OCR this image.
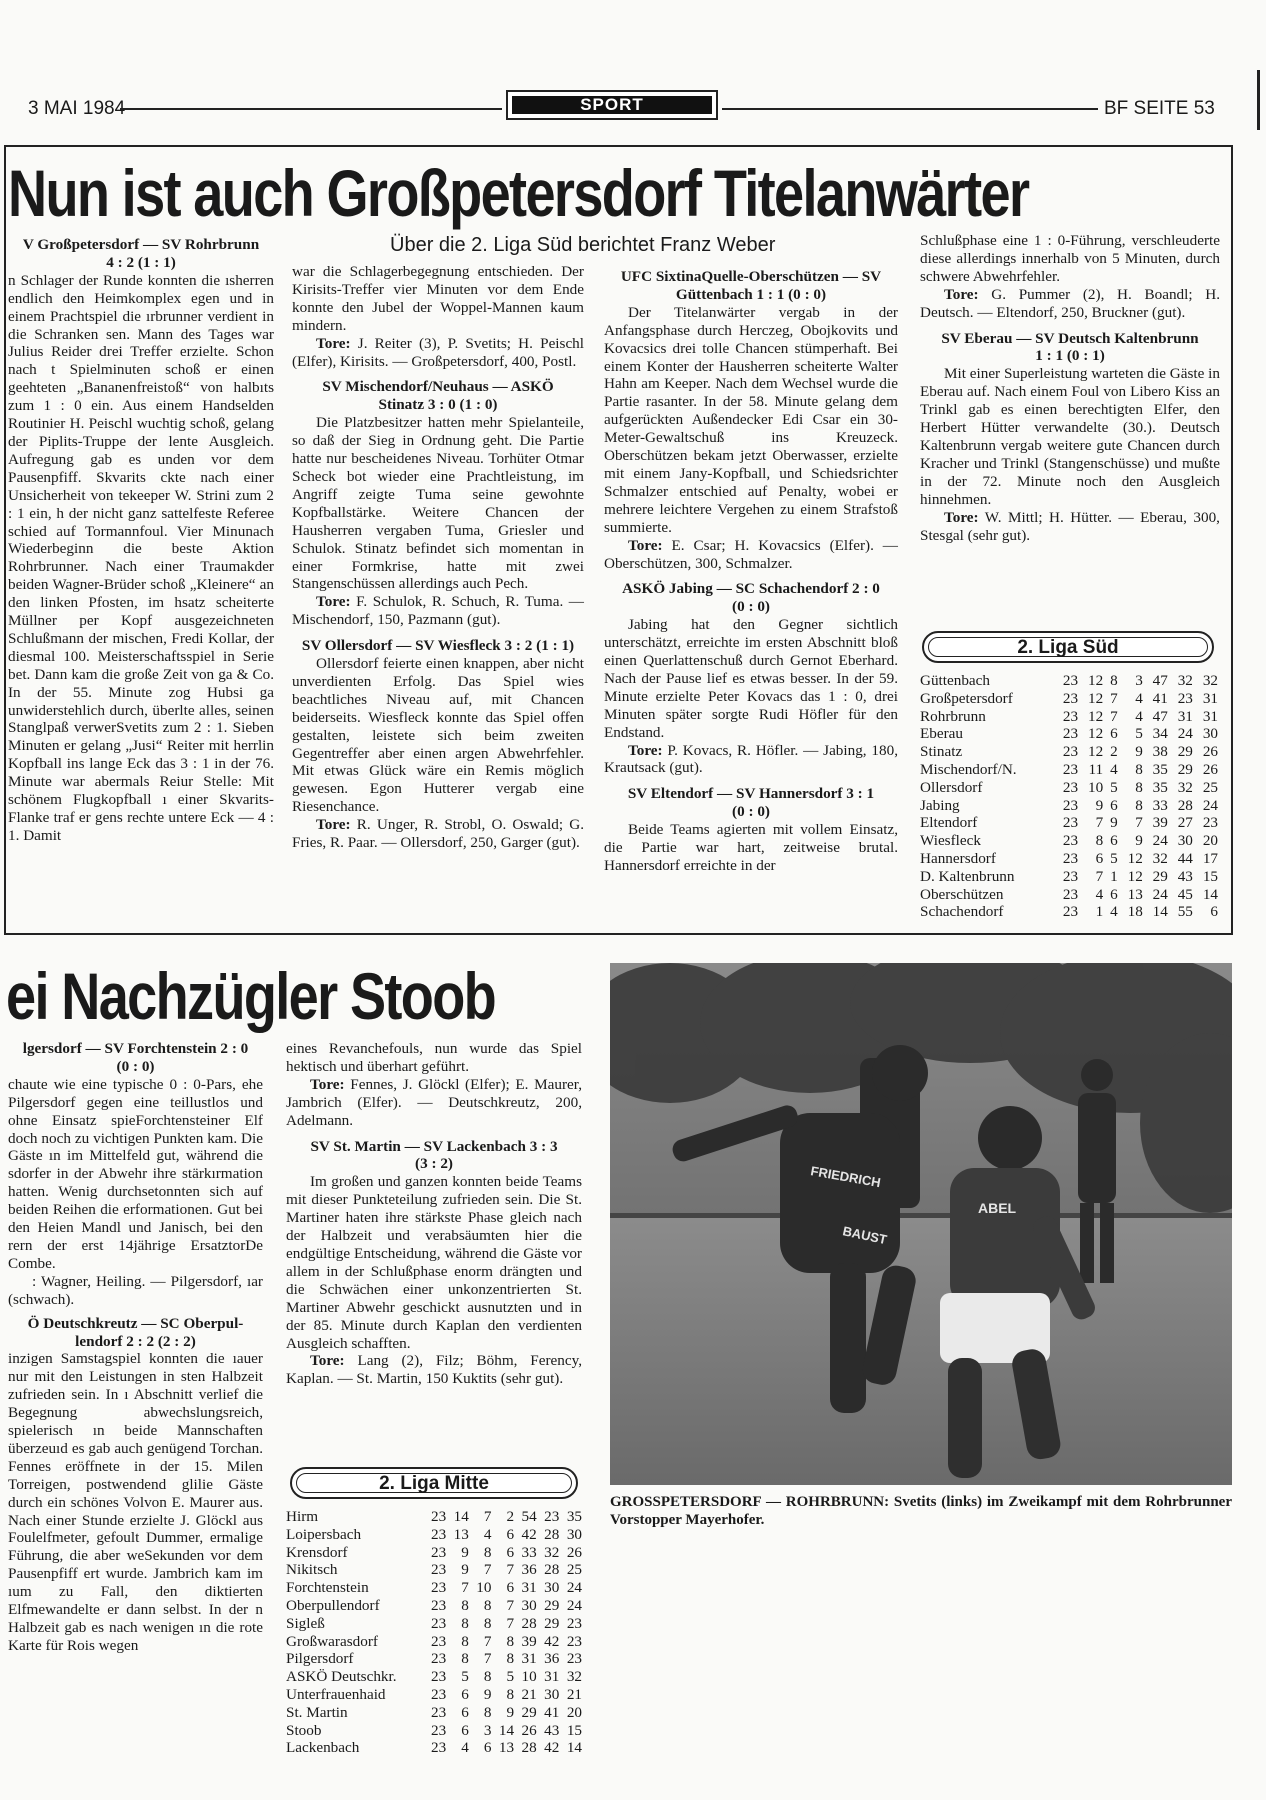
3 MAI 1984	SPORT	BF SEITE 53
Nun ist auch Großpetersdorf Titelanwärter
Über die 2. Liga Süd berichtet Franz Weber

V Großpetersdorf — SV Rohrbrunn

4 : 2 (1 : 1)

n Schlager der Runde konnten die ısherren endlich den Heimkomplex egen und in einem Prachtspiel die ırbrunner verdient in die Schranken sen. Mann des Tages war Julius Reider drei Treffer erzielte. Schon nach t Spielminuten schoß er einen geehteten „Bananenfreistoß“ von halbıts zum 1 : 0 ein. Aus einem Handselden Routinier H. Peischl wuchtig schoß, gelang der Piplits-Truppe der lente Ausgleich. Aufregung gab es unden vor dem Pausenpfiff. Skvarits ckte nach einer Unsicherheit von tekeeper W. Strini zum 2 : 1 ein, h der nicht ganz sattelfeste Referee schied auf Tormannfoul. Vier Minunach Wiederbeginn die beste Aktion Rohrbrunner. Nach einer Traumakder beiden Wagner-Brüder schoß „Kleinere“ an den linken Pfosten, im hsatz scheiterte Müllner per Kopf ausgezeichneten Schlußmann der mischen, Fredi Kollar, der diesmal 100. Meisterschaftsspiel in Serie bet. Dann kam die große Zeit von ga & Co. In der 55. Minute zog Hubsi ga unwiderstehlich durch, überlte alles, seinen Stanglpaß verwerSvetits zum 2 : 1. Sieben Minuten er gelang „Jusi“ Reiter mit herrlin Kopfball ins lange Eck das 3 : 1 in der 76. Minute war abermals Reiur Stelle: Mit schönem Flugkopfball ı einer Skvarits-Flanke traf er gens rechte untere Eck — 4 : 1. Damit

war die Schlagerbegegnung entschieden. Der Kirisits-Treffer vier Minuten vor dem Ende konnte den Jubel der Woppel-Mannen kaum mindern.

Tore: J. Reiter (3), P. Svetits; H. Peischl (Elfer), Kirisits. — Großpetersdorf, 400, Postl.

SV Mischendorf/Neuhaus — ASKÖ

Stinatz 3 : 0 (1 : 0)

Die Platzbesitzer hatten mehr Spielanteile, so daß der Sieg in Ordnung geht. Die Partie hatte nur bescheidenes Niveau. Torhüter Otmar Scheck bot wieder eine Prachtleistung, im Angriff zeigte Tuma seine gewohnte Kopfballstärke. Weitere Chancen der Hausherren vergaben Tuma, Griesler und Schulok. Stinatz befindet sich momentan in einer Formkrise, hatte mit zwei Stangenschüssen allerdings auch Pech.

Tore: F. Schulok, R. Schuch, R. Tuma. — Mischendorf, 150, Pazmann (gut).

SV Ollersdorf — SV Wiesfleck 3 : 2 (1 : 1)

Ollersdorf feierte einen knappen, aber nicht unverdienten Erfolg. Das Spiel wies beachtliches Niveau auf, mit Chancen beiderseits. Wiesfleck konnte das Spiel offen gestalten, leistete sich beim zweiten Gegentreffer aber einen argen Abwehrfehler. Mit etwas Glück wäre ein Remis möglich gewesen. Egon Hutterer vergab eine Riesenchance.

Tore: R. Unger, R. Strobl, O. Oswald; G. Fries, R. Paar. — Ollersdorf, 250, Garger (gut).

UFC SixtinaQuelle-Oberschützen — SV

Güttenbach 1 : 1 (0 : 0)

Der Titelanwärter vergab in der Anfangsphase durch Herczeg, Obojkovits und Kovacsics drei tolle Chancen stümperhaft. Bei einem Konter der Hausherren scheiterte Walter Hahn am Keeper. Nach dem Wechsel wurde die Partie rasanter. In der 58. Minute gelang dem aufgerückten Außendecker Edi Csar ein 30-Meter-Gewaltschuß ins Kreuzeck. Oberschützen bekam jetzt Oberwasser, erzielte mit einem Jany-Kopfball, und Schiedsrichter Schmalzer entschied auf Penalty, wobei er mehrere leichtere Vergehen zu einem Strafstoß summierte.

Tore: E. Csar; H. Kovacsics (Elfer). — Oberschützen, 300, Schmalzer.

ASKÖ Jabing — SC Schachendorf 2 : 0

(0 : 0)

Jabing hat den Gegner sichtlich unterschätzt, erreichte im ersten Abschnitt bloß einen Querlattenschuß durch Gernot Eberhard. Nach der Pause lief es etwas besser. In der 59. Minute erzielte Peter Kovacs das 1 : 0, drei Minuten später sorgte Rudi Höfler für den Endstand.

Tore: P. Kovacs, R. Höfler. — Jabing, 180, Krautsack (gut).

SV Eltendorf — SV Hannersdorf 3 : 1

(0 : 0)

Beide Teams agierten mit vollem Einsatz, die Partie war hart, zeitweise brutal. Hannersdorf erreichte in der

Schlußphase eine 1 : 0-Führung, verschleuderte diese allerdings innerhalb von 5 Minuten, durch schwere Abwehrfehler.

Tore: G. Pummer (2), H. Boandl; H. Deutsch. — Eltendorf, 250, Bruckner (gut).

SV Eberau — SV Deutsch Kaltenbrunn

1 : 1 (0 : 1)

Mit einer Superleistung warteten die Gäste in Eberau auf. Nach einem Foul von Libero Kiss an Trinkl gab es einen berechtigten Elfer, den Herbert Hütter verwandelte (30.). Deutsch Kaltenbrunn vergab weitere gute Chancen durch Kracher und Trinkl (Stangenschüsse) und mußte in der 72. Minute noch den Ausgleich hinnehmen.

Tore: W. Mittl; H. Hütter. — Eberau, 300, Stesgal (sehr gut).

2. Liga Süd
Güttenbach	23	12	8	3	47	32	32
Großpetersdorf	23	12	7	4	41	23	31
Rohrbrunn	23	12	7	4	47	31	31
Eberau	23	12	6	5	34	24	30
Stinatz	23	12	2	9	38	29	26
Mischendorf/N.	23	11	4	8	35	29	26
Ollersdorf	23	10	5	8	35	32	25
Jabing	23	9	6	8	33	28	24
Eltendorf	23	7	9	7	39	27	23
Wiesfleck	23	8	6	9	24	30	20
Hannersdorf	23	6	5	12	32	44	17
D. Kaltenbrunn	23	7	1	12	29	43	15
Oberschützen	23	4	6	13	24	45	14
Schachendorf	23	1	4	18	14	55	6
ei Nachzügler Stoob

lgersdorf — SV Forchtenstein 2 : 0

(0 : 0)

chaute wie eine typische 0 : 0-Pars, ehe Pilgersdorf gegen eine teillustlos und ohne Einsatz spieForchtensteiner Elf doch noch zu vichtigen Punkten kam. Die Gäste ın im Mittelfeld gut, während die sdorfer in der Abwehr ihre stärkırmation hatten. Wenig durchsetonnten sich auf beiden Reihen die erformationen. Gut bei den Heien Mandl und Janisch, bei den rern der erst 14jährige ErsatztorDe Combe.

: Wagner, Heiling. — Pilgersdorf, ıar (schwach).

Ö Deutschkreutz — SC Oberpul-

lendorf 2 : 2 (2 : 2)

inzigen Samstagspiel konnten die ıauer nur mit den Leistungen in sten Halbzeit zufrieden sein. In ı Abschnitt verlief die Begegnung abwechslungsreich, spielerisch ın beide Mannschaften überzeuıd es gab auch genügend Torchan. Fennes eröffnete in der 15. Milen Torreigen, postwendend glilie Gäste durch ein schönes Volvon E. Maurer aus. Nach einer Stunde erzielte J. Glöckl aus Foulelfmeter, gefoult Dummer, ermalige Führung, die aber weSekunden vor dem Pausenpfiff ert wurde. Jambrich kam im ıum zu Fall, den diktierten Elfmewandelte er dann selbst. In der n Halbzeit gab es nach wenigen ın die rote Karte für Rois wegen

eines Revanchefouls, nun wurde das Spiel hektisch und überhart geführt.

Tore: Fennes, J. Glöckl (Elfer); E. Maurer, Jambrich (Elfer). — Deutschkreutz, 200, Adelmann.

SV St. Martin — SV Lackenbach 3 : 3

(3 : 2)

Im großen und ganzen konnten beide Teams mit dieser Punkteteilung zufrieden sein. Die St. Martiner haten ihre stärkste Phase gleich nach der Halbzeit und verabsäumten hier die endgültige Entscheidung, während die Gäste vor allem in der Schlußphase enorm drängten und die Schwächen einer unkonzentrierten St. Martiner Abwehr geschickt ausnutzten und in der 85. Minute durch Kaplan den verdienten Ausgleich schafften.

Tore: Lang (2), Filz; Böhm, Ferency, Kaplan. — St. Martin, 150 Kuktits (sehr gut).

2. Liga Mitte
Hirm	23	14	7	2	54	23	35
Loipersbach	23	13	4	6	42	28	30
Krensdorf	23	9	8	6	33	32	26
Nikitsch	23	9	7	7	36	28	25
Forchtenstein	23	7	10	6	31	30	24
Oberpullendorf	23	8	8	7	30	29	24
Sigleß	23	8	8	7	28	29	23
Großwarasdorf	23	8	7	8	39	42	23
Pilgersdorf	23	8	7	8	31	36	23
ASKÖ Deutschkr.	23	5	8	5	10	31	32
Unterfrauenhaid	23	6	9	8	21	30	21
St. Martin	23	6	8	9	29	41	20
Stoob	23	6	3	14	26	43	15
Lackenbach	23	4	6	13	28	42	14
FRIEDRICH
BAUST
ABEL
GROSSPETERSDORF — ROHRBRUNN: Svetits (links) im Zweikampf mit dem Rohrbrunner Vorstopper Mayerhofer.
